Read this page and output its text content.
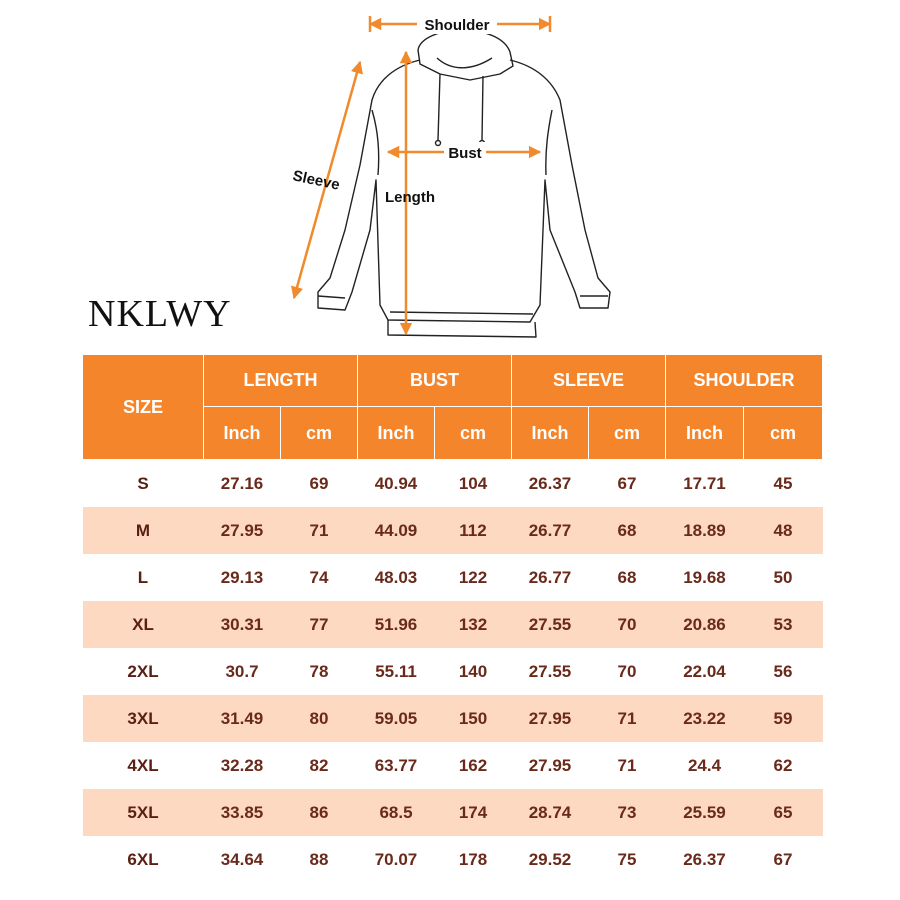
Shoulder
Bust
Length
Sleeve
NKLWY
SIZE	LENGTH		BUST		SLEEVE		SHOULDER	
	Inch	cm	Inch	cm	Inch	cm	Inch	cm
S	27.16	69	40.94	104	26.37	67	17.71	45
M	27.95	71	44.09	112	26.77	68	18.89	48
L	29.13	74	48.03	122	26.77	68	19.68	50
XL	30.31	77	51.96	132	27.55	70	20.86	53
2XL	30.7	78	55.11	140	27.55	70	22.04	56
3XL	31.49	80	59.05	150	27.95	71	23.22	59
4XL	32.28	82	63.77	162	27.95	71	24.4	62
5XL	33.85	86	68.5	174	28.74	73	25.59	65
6XL	34.64	88	70.07	178	29.52	75	26.37	67
